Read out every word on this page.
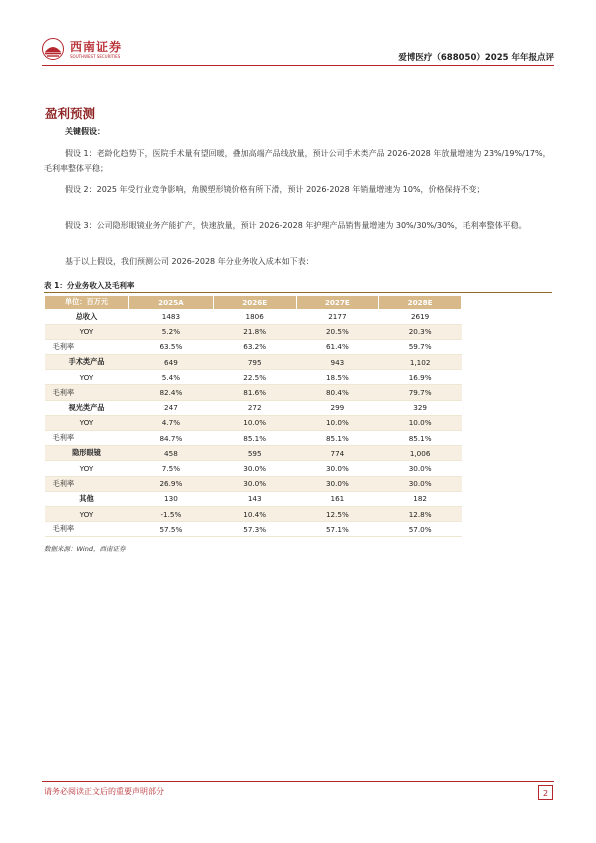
西南证券
SOUTHWEST SECURITIES	爱博医疗（688050）2025 年年报点评
盈利预测
关键假设：
假设 1：老龄化趋势下，医院手术量有望回暖，叠加高端产品线放量，预计公司手术类产品 2026-2028 年放量增速为 23%/19%/17%，毛利率整体平稳；
假设 2：2025 年受行业竞争影响，角膜塑形镜价格有所下滑，预计 2026-2028 年销量增速为 10%，价格保持不变；
假设 3：公司隐形眼镜业务产能扩产，快速放量，预计 2026-2028 年护理产品销售量增速为 30%/30%/30%，毛利率整体平稳。
基于以上假设，我们预测公司 2026-2028 年分业务收入成本如下表：
表 1：分业务收入及毛利率
单位：百万元	2025A	2026E	2027E	2028E
总收入	1483	1806	2177	2619
YOY	5.2%	21.8%	20.5%	20.3%
毛利率	63.5%	63.2%	61.4%	59.7%
手术类产品	649	795	943	1,102
YOY	5.4%	22.5%	18.5%	16.9%
毛利率	82.4%	81.6%	80.4%	79.7%
视光类产品	247	272	299	329
YOY	4.7%	10.0%	10.0%	10.0%
毛利率	84.7%	85.1%	85.1%	85.1%
隐形眼镜	458	595	774	1,006
YOY	7.5%	30.0%	30.0%	30.0%
毛利率	26.9%	30.0%	30.0%	30.0%
其他	130	143	161	182
YOY	-1.5%	10.4%	12.5%	12.8%
毛利率	57.5%	57.3%	57.1%	57.0%
数据来源：Wind，西南证券
请务必阅读正文后的重要声明部分	2
